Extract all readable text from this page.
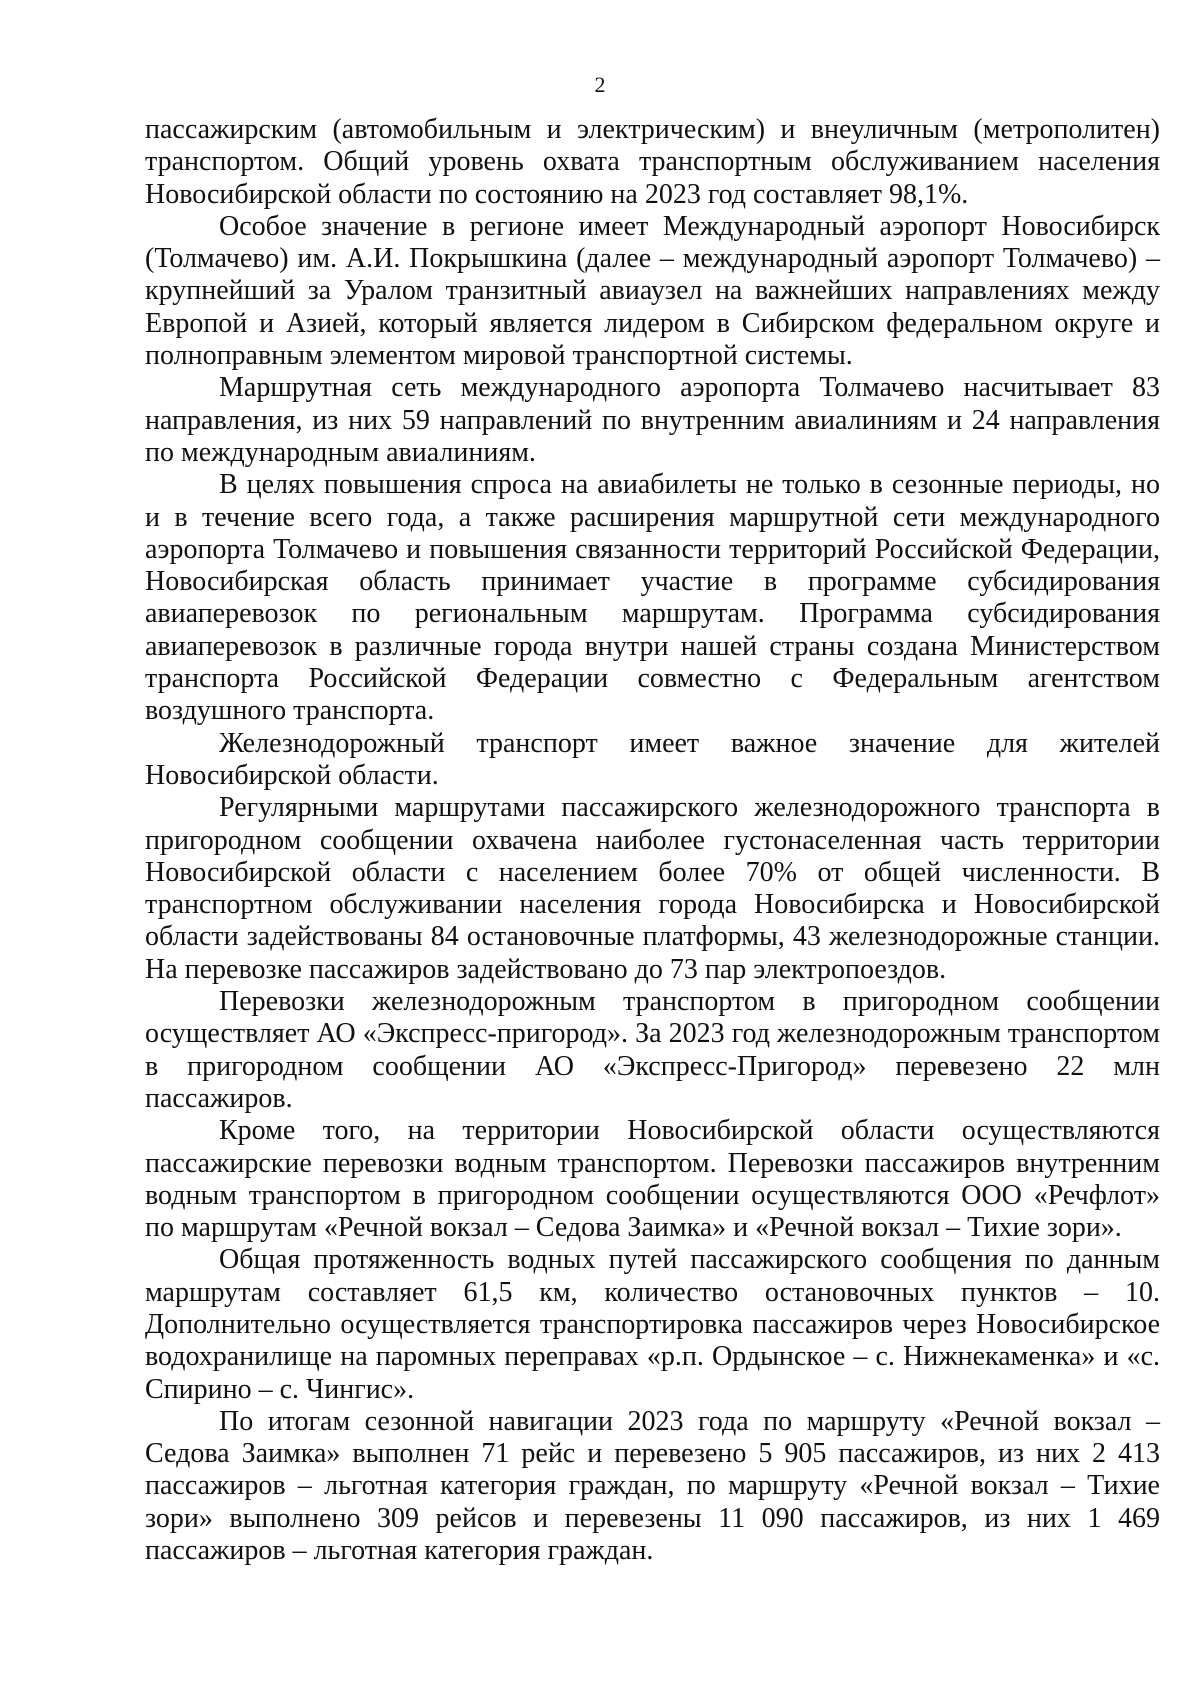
2

пассажирским (автомобильным и электрическим) и внеуличным (метрополитен) транспортом. Общий уровень охвата транспортным обслуживанием населения Новосибирской области по состоянию на 2023 год составляет 98,1%.

Особое значение в регионе имеет Международный аэропорт Новосибирск (Толмачево) им. А.И. Покрышкина (далее – международный аэропорт Толмачево) – крупнейший за Уралом транзитный авиаузел на важнейших направлениях между Европой и Азией, который является лидером в Сибирском федеральном округе и полноправным элементом мировой транспортной системы.

Маршрутная сеть международного аэропорта Толмачево насчитывает 83 направления, из них 59 направлений по внутренним авиалиниям и 24 направления по международным авиалиниям.

В целях повышения спроса на авиабилеты не только в сезонные периоды, но и в течение всего года, а также расширения маршрутной сети международного аэропорта Толмачево и повышения связанности территорий Российской Федерации, Новосибирская область принимает участие в программе субсидирования авиаперевозок по региональным маршрутам. Программа субсидирования авиаперевозок в различные города внутри нашей страны создана Министерством транспорта Российской Федерации совместно с Федеральным агентством воздушного транспорта.

Железнодорожный транспорт имеет важное значение для жителей Новосибирской области.

Регулярными маршрутами пассажирского железнодорожного транспорта в пригородном сообщении охвачена наиболее густонаселенная часть территории Новосибирской области с населением более 70% от общей численности. В транспортном обслуживании населения города Новосибирска и Новосибирской области задействованы 84 остановочные платформы, 43 железнодорожные станции. На перевозке пассажиров задействовано до 73 пар электропоездов.

Перевозки железнодорожным транспортом в пригородном сообщении осуществляет АО «Экспресс-пригород». За 2023 год железнодорожным транспортом в пригородном сообщении АО «Экспресс-Пригород» перевезено 22 млн пассажиров.

Кроме того, на территории Новосибирской области осуществляются пассажирские перевозки водным транспортом. Перевозки пассажиров внутренним водным транспортом в пригородном сообщении осуществляются ООО «Речфлот» по маршрутам «Речной вокзал – Седова Заимка» и «Речной вокзал – Тихие зори».

Общая протяженность водных путей пассажирского сообщения по данным маршрутам составляет 61,5 км, количество остановочных пунктов – 10. Дополнительно осуществляется транспортировка пассажиров через Новосибирское водохранилище на паромных переправах «р.п. Ордынское – с. Нижнекаменка» и «с. Спирино – с. Чингис».

По итогам сезонной навигации 2023 года по маршруту «Речной вокзал – Седова Заимка» выполнен 71 рейс и перевезено 5 905 пассажиров, из них 2 413 пассажиров – льготная категория граждан, по маршруту «Речной вокзал – Тихие зори» выполнено 309 рейсов и перевезены 11 090 пассажиров, из них 1 469 пассажиров – льготная категория граждан.
